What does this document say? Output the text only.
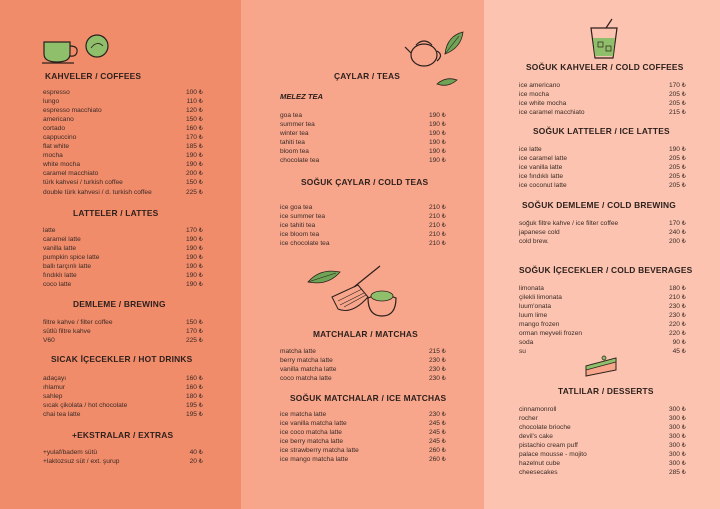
KAHVELER / COFFEES
espresso	100 ₺
lungo	110 ₺
espresso macchiato	120 ₺
americano	150 ₺
cortado	160 ₺
cappuccino	170 ₺
flat white	185 ₺
mocha	190 ₺
white mocha	190 ₺
caramel macchiato	200 ₺
türk kahvesi / turkish coffee	150 ₺
double türk kahvesi / d. turkish coffee	225 ₺
LATTELER / LATTES
latte	170 ₺
caramel latte	190 ₺
vanilla latte	190 ₺
pumpkin spice latte	190 ₺
ballı tarçınlı latte	190 ₺
fındıklı latte	190 ₺
coco latte	190 ₺
DEMLEME / BREWING
filtre kahve / filter coffee	150 ₺
sütlü filtre kahve	170 ₺
V60	225 ₺
SICAK İÇECEKLER / HOT DRINKS
adaçayı	160 ₺
ıhlamur	160 ₺
sahlep	180 ₺
sıcak çikolata / hot chocolate	195 ₺
chai tea latte	195 ₺
+EKSTRALAR / EXTRAS
+yulaf/badem sütü	40 ₺
+laktozsuz süt / ext. şurup	20 ₺
ÇAYLAR / TEAS
MELEZ TEA
goa tea	190 ₺
summer tea	190 ₺
winter tea	190 ₺
tahiti tea	190 ₺
bloom tea	190 ₺
chocolate tea	190 ₺
SOĞUK ÇAYLAR / COLD TEAS
ice goa tea	210 ₺
ice summer tea	210 ₺
ice tahiti tea	210 ₺
ice bloom tea	210 ₺
ice chocolate tea	210 ₺
MATCHALAR / MATCHAS
matcha latte	215 ₺
berry matcha latte	230 ₺
vanilla matcha latte	230 ₺
coco matcha latte	230 ₺
SOĞUK MATCHALAR / ICE MATCHAS
ice matcha latte	230 ₺
ice vanilla matcha latte	245 ₺
ice coco matcha latte	245 ₺
ice berry matcha latte	245 ₺
ice strawberry matcha latte	260 ₺
ice mango matcha latte	260 ₺
SOĞUK KAHVELER / COLD COFFEES
ice americano	170 ₺
ice mocha	205 ₺
ice white mocha	205 ₺
ice caramel macchiato	215 ₺
SOĞUK LATTELER / ICE LATTES
ice latte	190 ₺
ice caramel latte	205 ₺
ice vanilla latte	205 ₺
ice fındıklı latte	205 ₺
ice coconut latte	205 ₺
SOĞUK DEMLEME / COLD BREWING
soğuk filtre kahve / ice filter coffee	170 ₺
japanese cold	240 ₺
cold brew.	200 ₺
SOĞUK İÇECEKLER / COLD BEVERAGES
limonata	180 ₺
çilekli limonata	210 ₺
luum'onata	230 ₺
luum lime	230 ₺
mango frozen	220 ₺
orman meyveli frozen	220 ₺
soda	90 ₺
su	45 ₺
TATLILAR / DESSERTS
cinnamonroll	300 ₺
rocher	300 ₺
chocolate brioche	300 ₺
devil's cake	300 ₺
pistachio cream puff	300 ₺
palace mousse - mojito	300 ₺
hazelnut cube	300 ₺
cheesecakes	285 ₺
